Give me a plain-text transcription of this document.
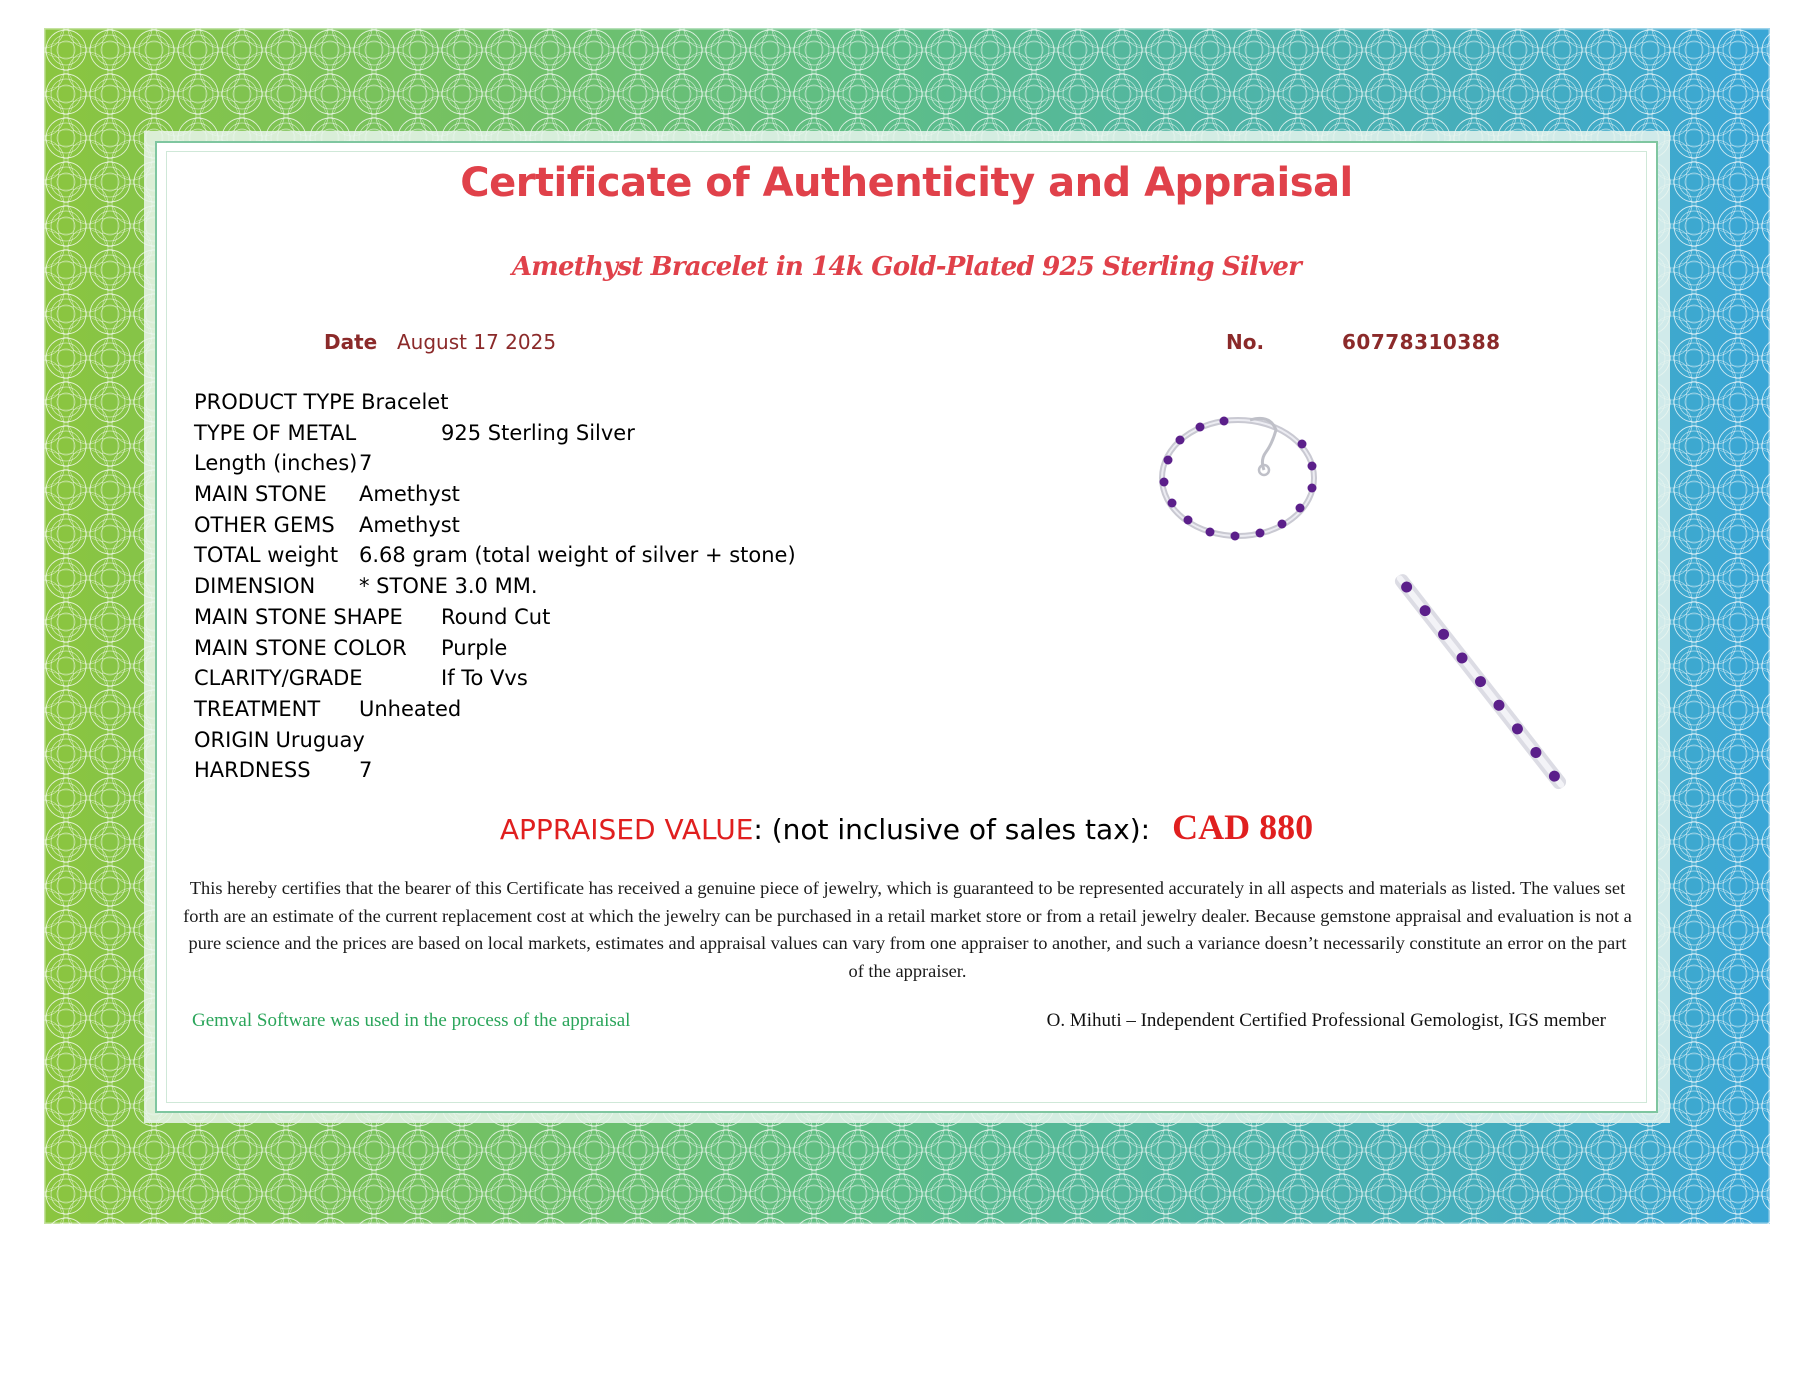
Certificate of Authenticity and Appraisal
Amethyst Bracelet in 14k Gold-Plated 925 Sterling Silver
Date August 17 2025	No.	60778310388
PRODUCT TYPE Bracelet
TYPE OF METAL	925 Sterling Silver
Length (inches) 7
MAIN STONE Amethyst
OTHER GEMS Amethyst
TOTAL weight 6.68 gram (total weight of silver + stone)
DIMENSION * STONE 3.0 MM.
MAIN STONE SHAPE Round Cut
MAIN STONE COLOR Purple
CLARITY/GRADE	If To Vvs
TREATMENT Unheated
ORIGIN Uruguay
HARDNESS 7
APPRAISED VALUE: (not inclusive of sales tax): CAD 880
This hereby certifies that the bearer of this Certificate has received a genuine piece of jewelry, which is guaranteed to be represented accurately in all aspects and materials as listed. The values set forth are an estimate of the current replacement cost at which the jewelry can be purchased in a retail market store or from a retail jewelry dealer. Because gemstone appraisal and evaluation is not a pure science and the prices are based on local markets, estimates and appraisal values can vary from one appraiser to another, and such a variance doesn’t necessarily constitute an error on the part of the appraiser.
Gemval Software was used in the process of the appraisal	O. Mihuti – Independent Certified Professional Gemologist, IGS member
